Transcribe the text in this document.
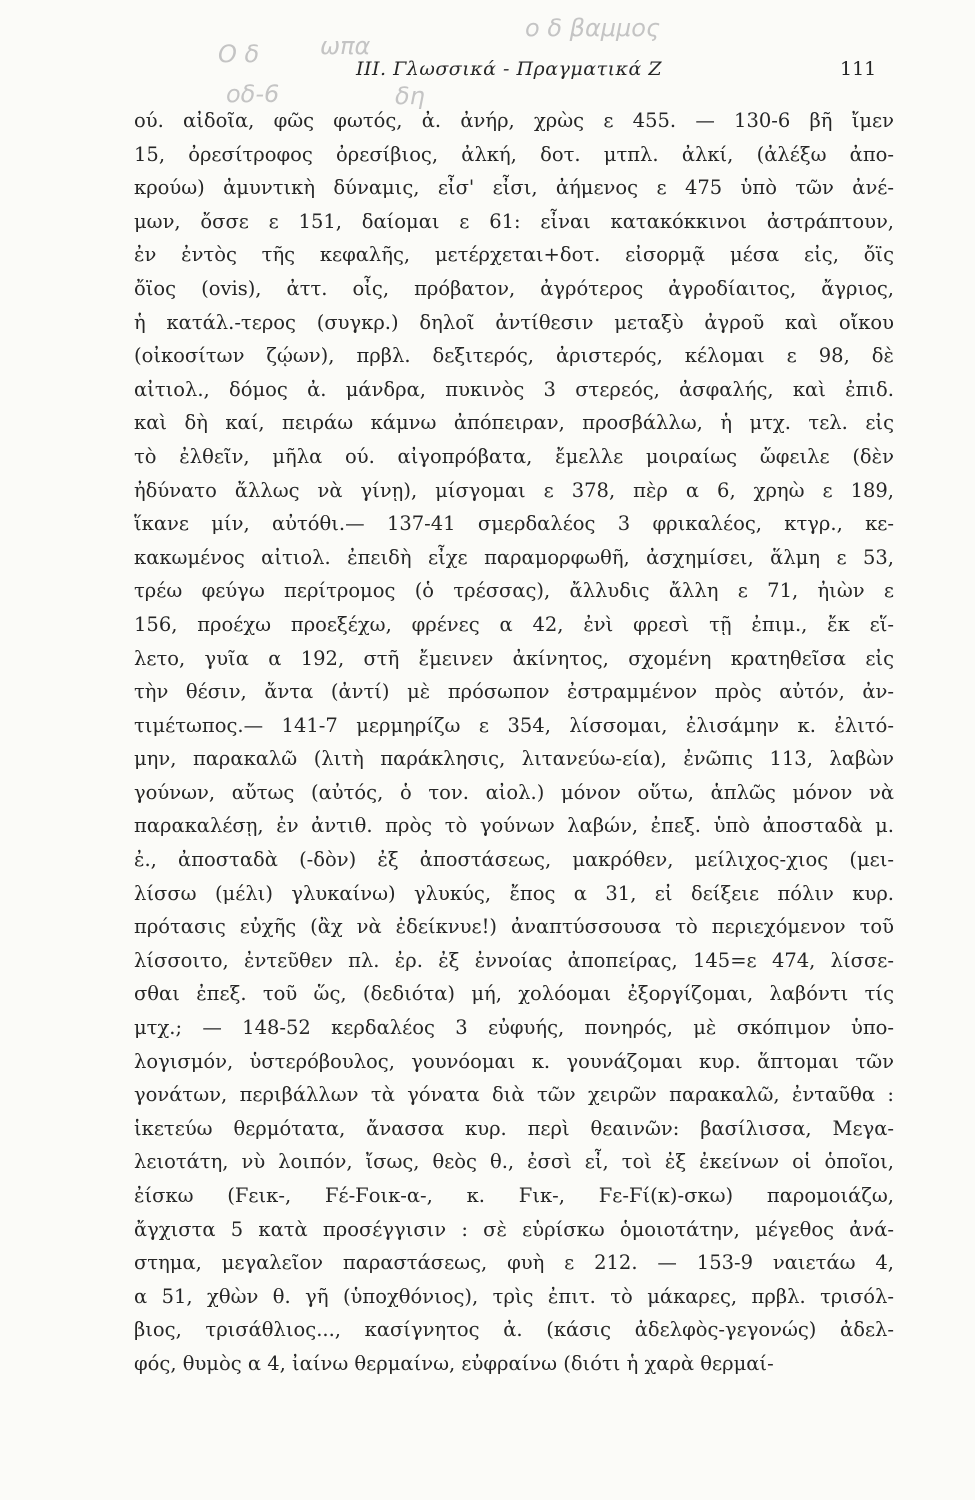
III. Γλωσσικά - Πραγματικά Ζ	111
Ο δ	ωπα
οδ-6	δη
ο δ βαμμος
ού. αἰδοῖα, φῶς φωτός, ἀ. ἀνήρ, χρὼς ε 455. — 130-6 βῆ ἴμεν
15, ὀρεσίτροφος ὀρεσίβιος, ἀλκή, δοτ. μτπλ. ἀλκί, (ἀλέξω ἀπο-
κρούω) ἀμυντικὴ δύναμις, εἶσ' εἶσι, ἀήμενος ε 475 ὑπὸ τῶν ἀνέ-
μων, ὄσσε ε 151, δαίομαι ε 61: εἶναι κατακόκκινοι ἀστράπτουν,
ἐν ἐντὸς τῆς κεφαλῆς, μετέρχεται+δοτ. εἰσορμᾷ μέσα εἰς, ὄϊς
ὄϊος (ovis), ἀττ. οἶς, πρόβατον, ἀγρότερος ἀγροδίαιτος, ἄγριος,
ἡ κατάλ.-τερος (συγκρ.) δηλοῖ ἀντίθεσιν μεταξὺ ἀγροῦ καὶ οἴκου
(οἰκοσίτων ζῴων), πρβλ. δεξιτερός, ἀριστερός, κέλομαι ε 98, δὲ
αἰτιολ., δόμος ἀ. μάνδρα, πυκινὸς 3 στερεός, ἀσφαλής, καὶ ἐπιδ.
καὶ δὴ καί, πειράω κάμνω ἀπόπειραν, προσβάλλω, ἡ μτχ. τελ. εἰς
τὸ ἐλθεῖν, μῆλα ού. αἰγοπρόβατα, ἔμελλε μοιραίως ὤφειλε (δὲν
ἠδύνατο ἄλλως νὰ γίνῃ), μίσγομαι ε 378, πὲρ α 6, χρηὼ ε 189,
ἵκανε μίν, αὐτόθι.— 137-41 σμερδαλέος 3 φρικαλέος, κτγρ., κε-
κακωμένος αἰτιολ. ἐπειδὴ εἶχε παραμορφωθῆ, ἀσχημίσει, ἅλμη ε 53,
τρέω φεύγω περίτρομος (ὁ τρέσσας), ἄλλυδις ἄλλη ε 71, ἠιὼν ε
156, προέχω προεξέχω, φρένες α 42, ἐνὶ φρεσὶ τῇ ἐπιμ., ἔκ εἵ-
λετο, γυῖα α 192, στῆ ἔμεινεν ἀκίνητος, σχομένη κρατηθεῖσα εἰς
τὴν θέσιν, ἄντα (ἀντί) μὲ πρόσωπον ἐστραμμένον πρὸς αὐτόν, ἀν-
τιμέτωπος.— 141-7 μερμηρίζω ε 354, λίσσομαι, ἐλισάμην κ. ἐλιτό-
μην, παρακαλῶ (λιτὴ παράκλησις, λιτανεύω-εία), ἐνῶπις 113, λαβὼν
γούνων, αὔτως (αὐτός, ὁ τον. αἰολ.) μόνον οὕτω, ἁπλῶς μόνον νὰ
παρακαλέσῃ, ἐν ἀντιθ. πρὸς τὸ γούνων λαβών, ἐπεξ. ὑπὸ ἀποσταδὰ μ.
ἐ., ἀποσταδὰ (-δὸν) ἐξ ἀποστάσεως, μακρόθεν, μείλιχος-χιος (μει-
λίσσω (μέλι) γλυκαίνω) γλυκύς, ἔπος α 31, εἰ δείξειε πόλιν κυρ.
πρότασις εὐχῆς (ἂχ νὰ ἐδείκνυε!) ἀναπτύσσουσα τὸ περιεχόμενον τοῦ
λίσσοιτο, ἐντεῦθεν πλ. ἐρ. ἐξ ἐννοίας ἀποπείρας, 145=ε 474, λίσσε-
σθαι ἐπεξ. τοῦ ὥς, (δεδιότα) μή, χολόομαι ἐξοργίζομαι, λαβόντι τίς
μτχ.; — 148-52 κερδαλέος 3 εὐφυής, πονηρός, μὲ σκόπιμον ὑπο-
λογισμόν, ὑστερόβουλος, γουνόομαι κ. γουνάζομαι κυρ. ἅπτομαι τῶν
γονάτων, περιβάλλων τὰ γόνατα διὰ τῶν χειρῶν παρακαλῶ, ἐνταῦθα :
ἱκετεύω θερμότατα, ἄνασσα κυρ. περὶ θεαινῶν: βασίλισσα, Μεγα-
λειοτάτη, νὺ λοιπόν, ἴσως, θεὸς θ., ἐσσὶ εἶ, τοὶ ἐξ ἐκείνων οἱ ὁποῖοι,
ἐίσκω (Ϝεικ-, Ϝέ-Ϝοικ-α-, κ. Ϝικ-, Ϝε-Ϝί(κ)-σκω) παρομοιάζω,
ἄγχιστα 5 κατὰ προσέγγισιν : σὲ εὑρίσκω ὁμοιοτάτην, μέγεθος ἀνά-
στημα, μεγαλεῖον παραστάσεως, φυὴ ε 212. — 153-9 ναιετάω 4,
α 51, χθὼν θ. γῆ (ὑποχθόνιος), τρὶς ἐπιτ. τὸ μάκαρες, πρβλ. τρισόλ-
βιος, τρισάθλιος..., κασίγνητος ἀ. (κάσις ἀδελφὸς-γεγονώς) ἀδελ-
φός, θυμὸς α 4, ἰαίνω θερμαίνω, εὐφραίνω (διότι ἡ χαρὰ θερμαί-
